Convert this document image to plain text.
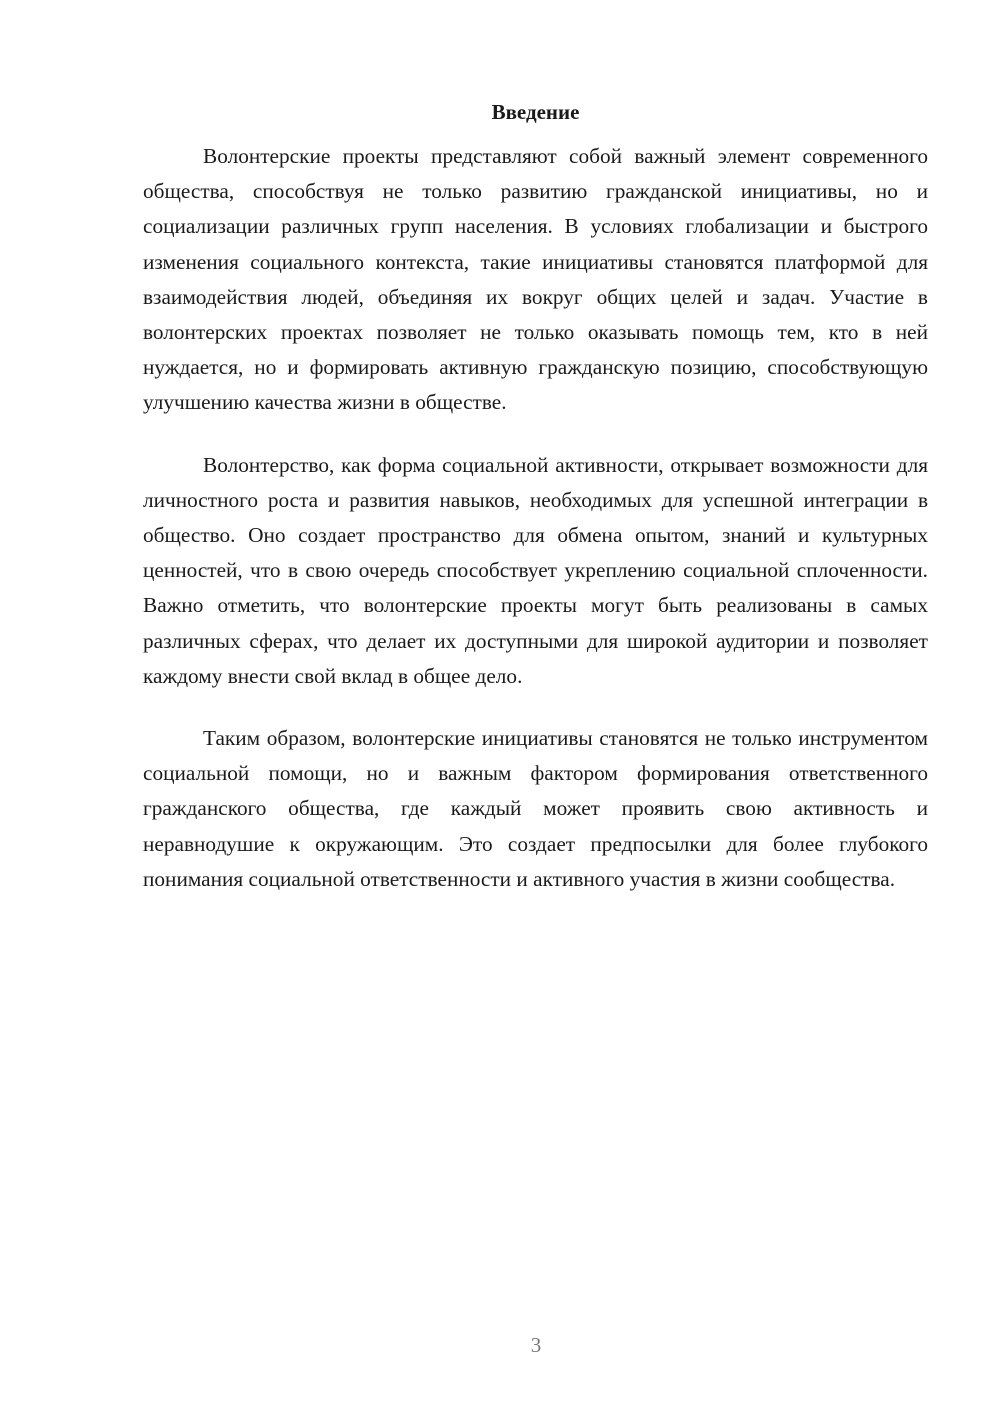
Введение

Волонтерские проекты представляют собой важный элемент современного общества, способствуя не только развитию гражданской инициативы, но и социализации различных групп населения. В условиях глобализации и быстрого изменения социального контекста, такие инициативы становятся платформой для взаимодействия людей, объединяя их вокруг общих целей и задач. Участие в волонтерских проектах позволяет не только оказывать помощь тем, кто в ней нуждается, но и формировать активную гражданскую позицию, способствующую улучшению качества жизни в обществе.

Волонтерство, как форма социальной активности, открывает возможности для личностного роста и развития навыков, необходимых для успешной интеграции в общество. Оно создает пространство для обмена опытом, знаний и культурных ценностей, что в свою очередь способствует укреплению социальной сплоченности. Важно отметить, что волонтерские проекты могут быть реализованы в самых различных сферах, что делает их доступными для широкой аудитории и позволяет каждому внести свой вклад в общее дело.

Таким образом, волонтерские инициативы становятся не только инструментом социальной помощи, но и важным фактором формирования ответственного гражданского общества, где каждый может проявить свою активность и неравнодушие к окружающим. Это создает предпосылки для более глубокого понимания социальной ответственности и активного участия в жизни сообщества.

3
